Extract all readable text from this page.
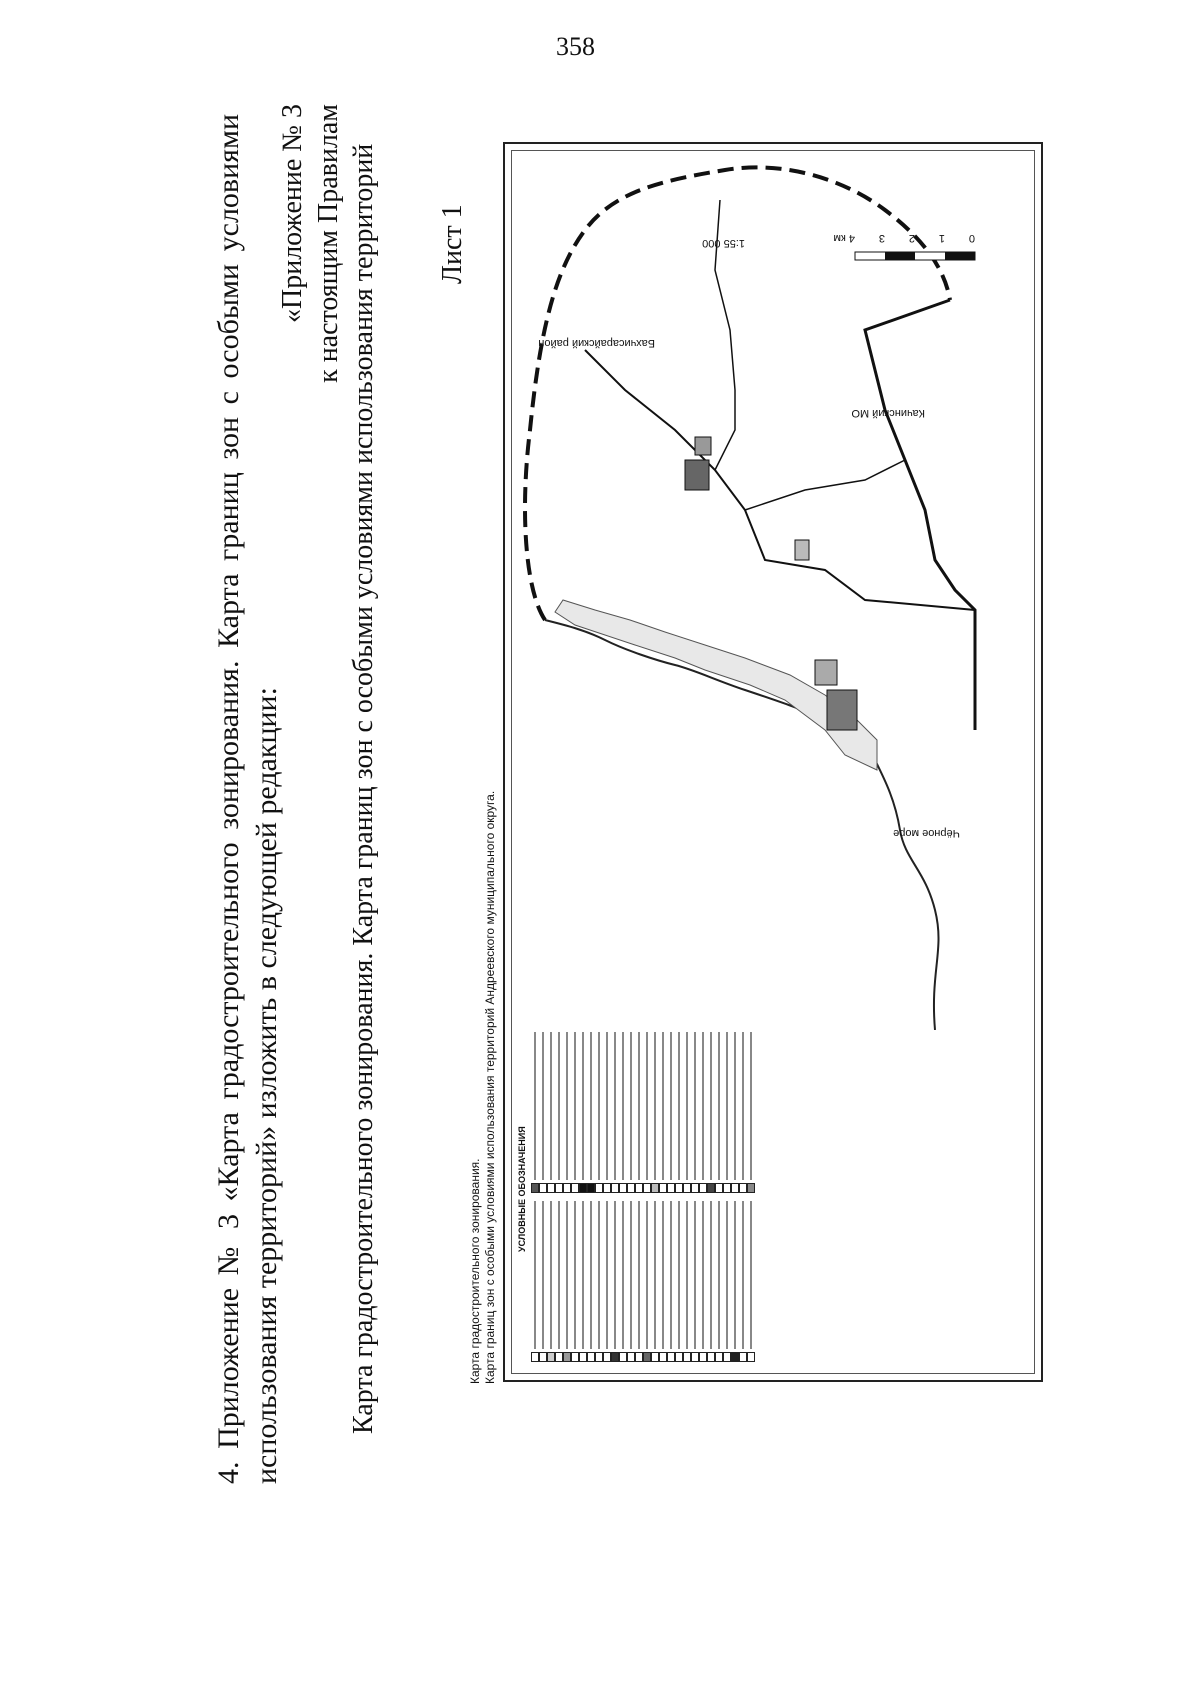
358
4. Приложение № 3 «Карта градостроительного зонирования. Карта границ зон с особыми условиями использования территорий» изложить в следующей редакции:
«Приложение № 3 к настоящим Правилам Карта градостроительного зонирования. Карта границ зон с особыми условиями использования территорий Лист 1
Карта градостроительного зонирования. Карта границ зон с особыми условиями использования территорий Андреевского муниципального округа. УСЛОВНЫЕ ОБОЗНАЧЕНИЯ
Бахчисарайский район
Качинский МО
Чёрное море
1:55 000	0
1
2
3
4 км
